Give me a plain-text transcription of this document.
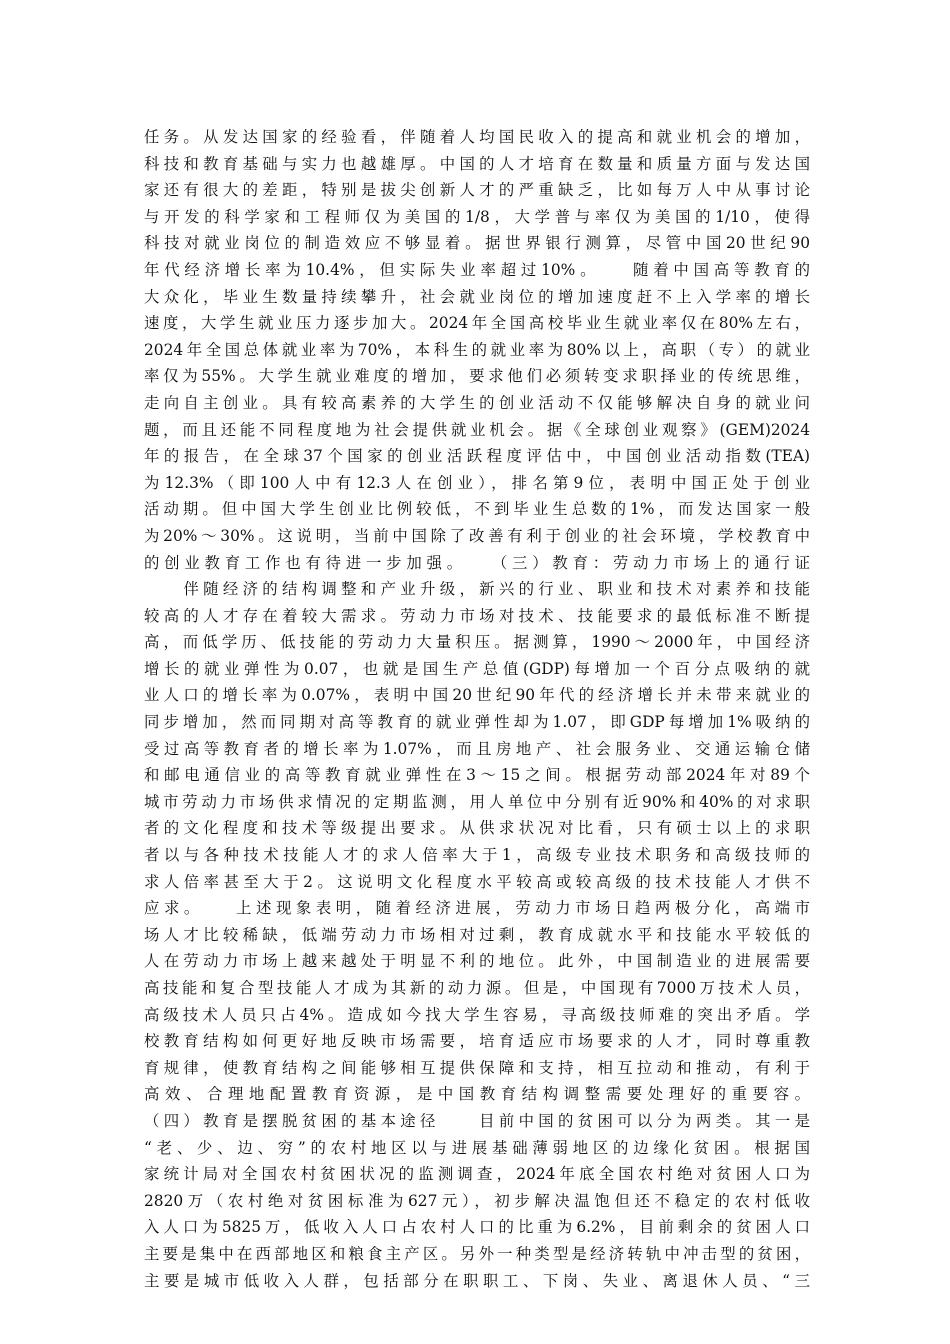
任务。从发达国家的经验看，伴随着人均国民收入的提高和就业机会的增加，
科技和教育基础与实力也越雄厚。中国的人才培育在数量和质量方面与发达国
家还有很大的差距，特别是拔尖创新人才的严重缺乏，比如每万人中从事讨论
与开发的科学家和工程师仅为美国的1/8，大学普与率仅为美国的1/10，使得
科技对就业岗位的制造效应不够显着。据世界银行测算，尽管中国20世纪90
年代经济增长率为10.4%，但实际失业率超过10%。　　随着中国高等教育的
大众化，毕业生数量持续攀升，社会就业岗位的增加速度赶不上入学率的增长
速度，大学生就业压力逐步加大。2024年全国高校毕业生就业率仅在80%左右，
2024年全国总体就业率为70%，本科生的就业率为80%以上，高职（专）的就业
率仅为55%。大学生就业难度的增加，要求他们必须转变求职择业的传统思维，
走向自主创业。具有较高素养的大学生的创业活动不仅能够解决自身的就业问
题，而且还能不同程度地为社会提供就业机会。据《全球创业观察》(GEM)2024
年的报告，在全球37个国家的创业活跃程度评估中，中国创业活动指数(TEA)
为12.3%（即100人中有12.3人在创业），排名第9位，表明中国正处于创业
活动期。但中国大学生创业比例较低，不到毕业生总数的1%，而发达国家一般
为20%～30%。这说明，当前中国除了改善有利于创业的社会环境，学校教育中
的创业教育工作也有待进一步加强。　　（三）教育：劳动力市场上的通行证
　　伴随经济的结构调整和产业升级，新兴的行业、职业和技术对素养和技能
较高的人才存在着较大需求。劳动力市场对技术、技能要求的最低标准不断提
高，而低学历、低技能的劳动力大量积压。据测算，1990～2000年，中国经济
增长的就业弹性为0.07，也就是国生产总值(GDP)每增加一个百分点吸纳的就
业人口的增长率为0.07%，表明中国20世纪90年代的经济增长并未带来就业的
同步增加，然而同期对高等教育的就业弹性却为1.07，即GDP每增加1%吸纳的
受过高等教育者的增长率为1.07%，而且房地产、社会服务业、交通运输仓储
和邮电通信业的高等教育就业弹性在3～15之间。根据劳动部2024年对89个
城市劳动力市场供求情况的定期监测，用人单位中分别有近90%和40%的对求职
者的文化程度和技术等级提出要求。从供求状况对比看，只有硕士以上的求职
者以与各种技术技能人才的求人倍率大于1，高级专业技术职务和高级技师的
求人倍率甚至大于2。这说明文化程度水平较高或较高级的技术技能人才供不
应求。　　上述现象表明，随着经济进展，劳动力市场日趋两极分化，高端市
场人才比较稀缺，低端劳动力市场相对过剩，教育成就水平和技能水平较低的
人在劳动力市场上越来越处于明显不利的地位。此外，中国制造业的进展需要
高技能和复合型技能人才成为其新的动力源。但是，中国现有7000万技术人员，
高级技术人员只占4%。造成如今找大学生容易，寻高级技师难的突出矛盾。学
校教育结构如何更好地反映市场需要，培育适应市场要求的人才，同时尊重教
育规律，使教育结构之间能够相互提供保障和支持，相互拉动和推动，有利于
高效、合理地配置教育资源，是中国教育结构调整需要处理好的重要容。
（四）教育是摆脱贫困的基本途径　　目前中国的贫困可以分为两类。其一是
“老、少、边、穷”的农村地区以与进展基础薄弱地区的边缘化贫困。根据国
家统计局对全国农村贫困状况的监测调查，2024年底全国农村绝对贫困人口为
2820万（农村绝对贫困标准为627元），初步解决温饱但还不稳定的农村低收
入人口为5825万，低收入人口占农村人口的比重为6.2%，目前剩余的贫困人口
主要是集中在西部地区和粮食主产区。另外一种类型是经济转轨中冲击型的贫困，
主要是城市低收入人群，包括部分在职职工、下岗、失业、离退休人员、“三
